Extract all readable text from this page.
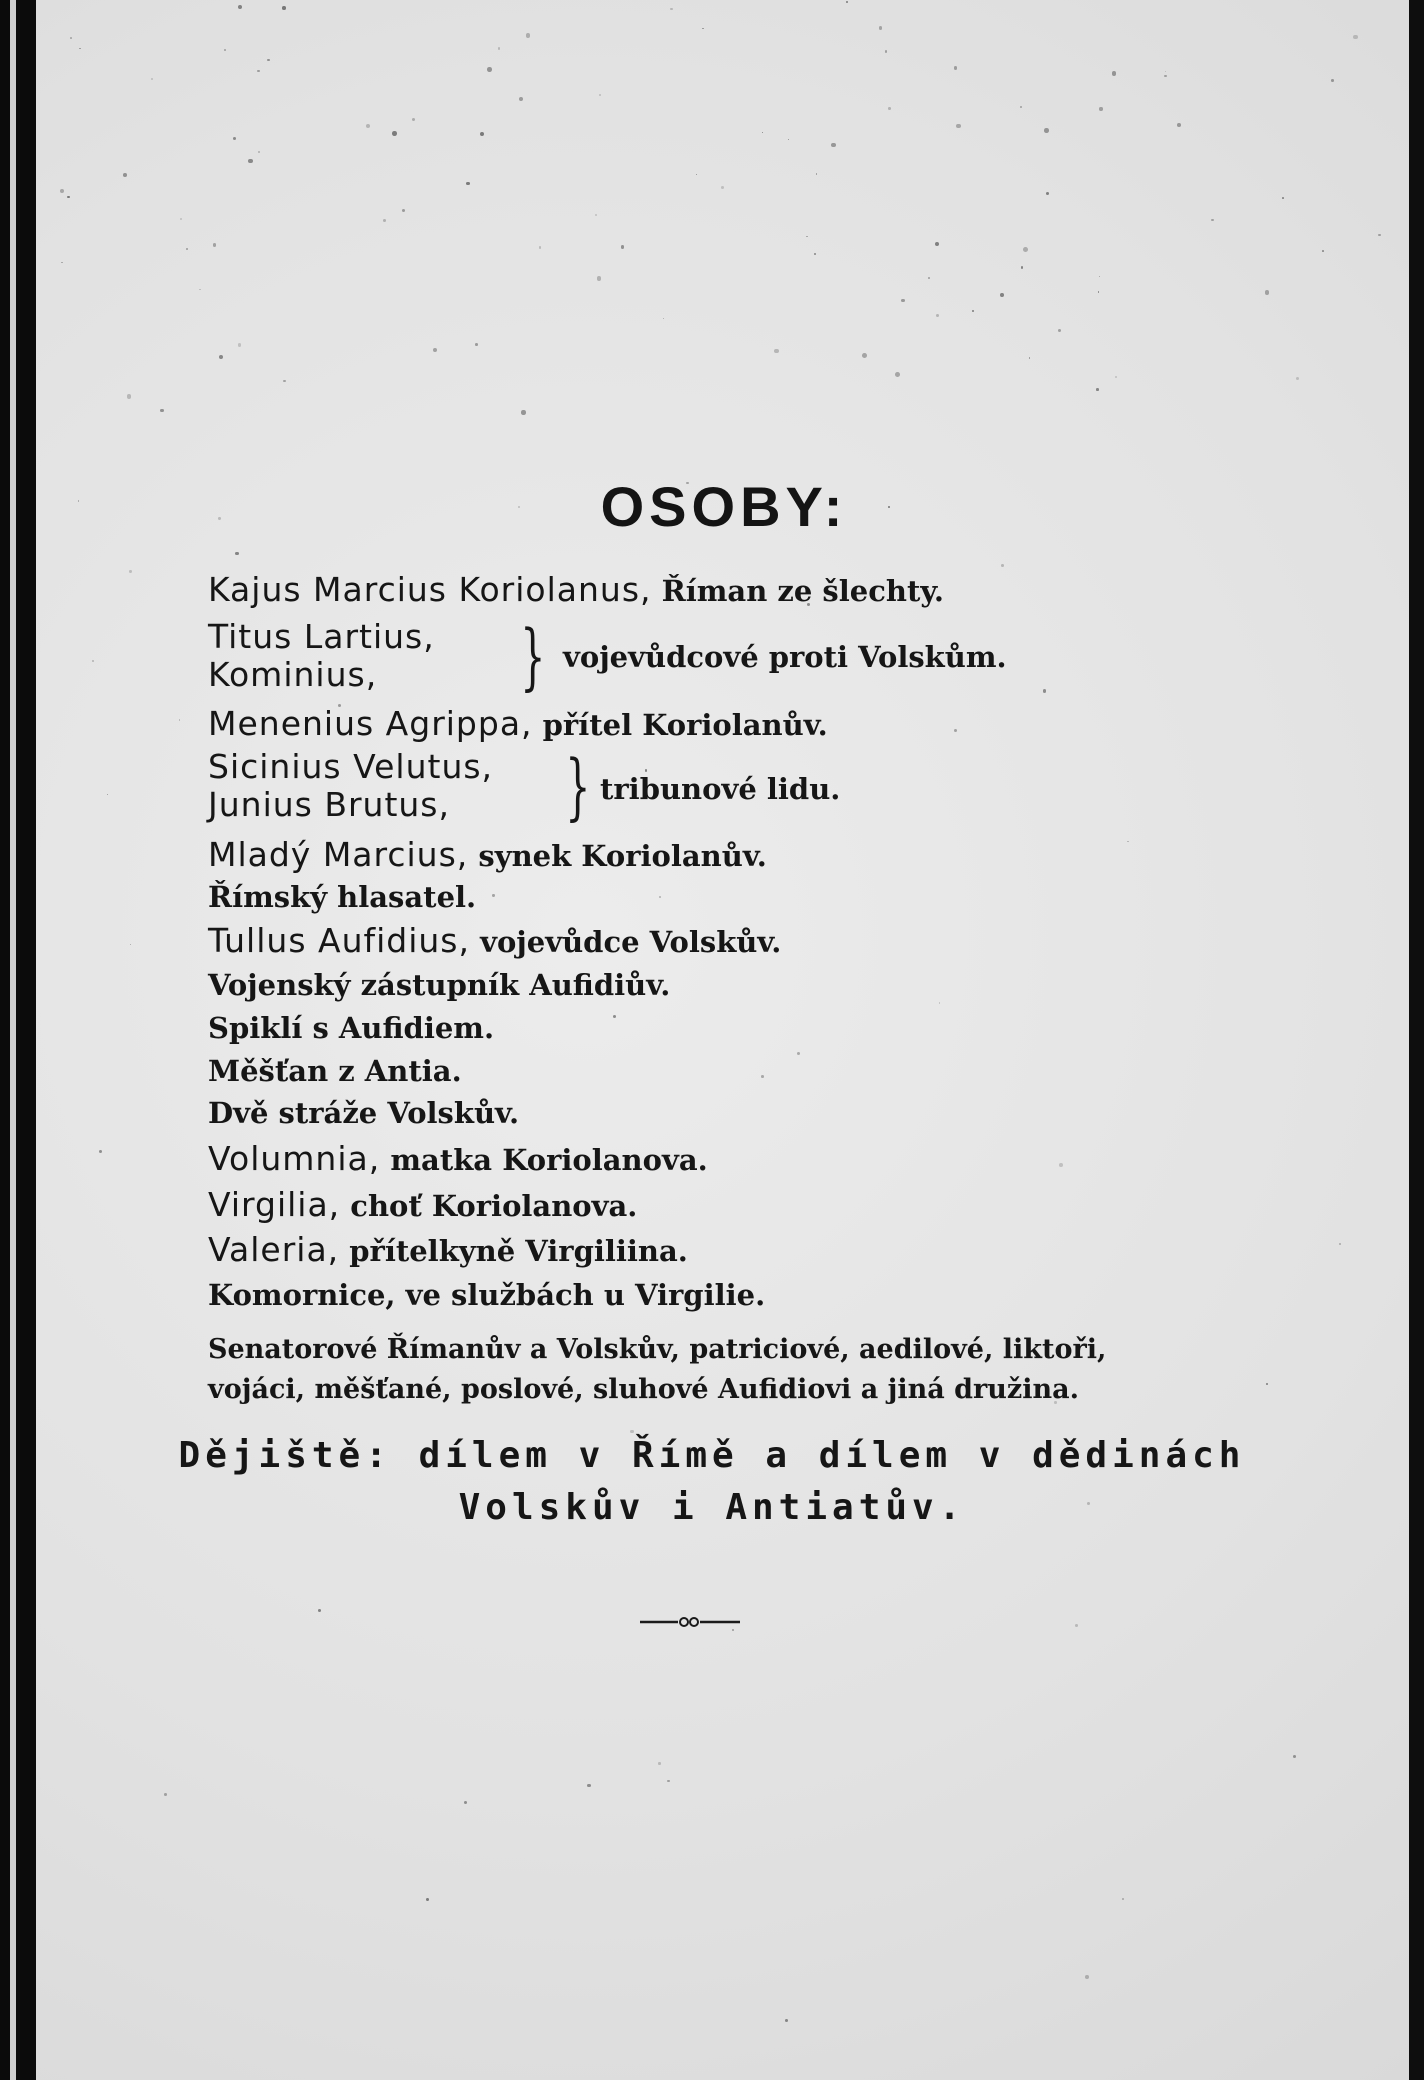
OSOBY:
Kajus Marcius Koriolanus, Říman ze šlechty.
Titus Lartius,
Kominius,	} vojevůdcové proti Volskům.
Menenius Agrippa, přítel Koriolanův.
Sicinius Velutus,
Junius Brutus,	} tribunové lidu.
Mladý Marcius, synek Koriolanův.
Římský hlasatel.
Tullus Aufidius, vojevůdce Volskův.
Vojenský zástupník Aufidiův.
Spiklí s Aufidiem.
Měšťan z Antia.
Dvě stráže Volskův.
Volumnia, matka Koriolanova.
Virgilia, choť Koriolanova.
Valeria, přítelkyně Virgiliina.
Komornice, ve službách u Virgilie.
Senatorové Římanův a Volskův, patriciové, aedilové, liktoři,
vojáci, měšťané, poslové, sluhové Aufidiovi a jiná družina.
Dějiště: dílem v Římě a dílem v dědinách
Volskův i Antiatův.
